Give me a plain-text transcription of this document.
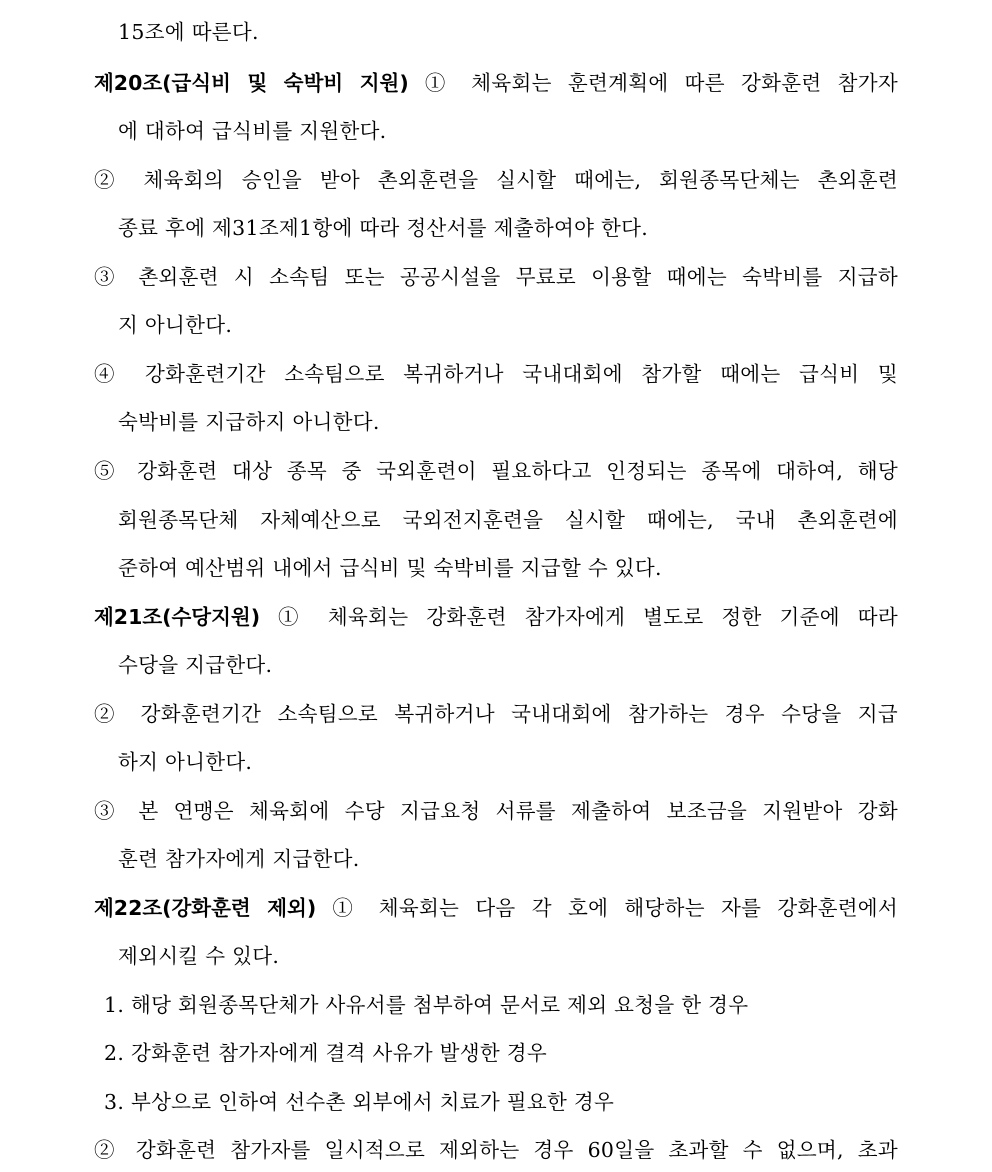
15조에 따른다.
제20조(급식비 및 숙박비 지원) ① 체육회는 훈련계획에 따른 강화훈련 참가자
에 대하여 급식비를 지원한다.
② 체육회의 승인을 받아 촌외훈련을 실시할 때에는, 회원종목단체는 촌외훈련
종료 후에 제31조제1항에 따라 정산서를 제출하여야 한다.
③ 촌외훈련 시 소속팀 또는 공공시설을 무료로 이용할 때에는 숙박비를 지급하
지 아니한다.
④ 강화훈련기간 소속팀으로 복귀하거나 국내대회에 참가할 때에는 급식비 및
숙박비를 지급하지 아니한다.
⑤ 강화훈련 대상 종목 중 국외훈련이 필요하다고 인정되는 종목에 대하여, 해당
회원종목단체 자체예산으로 국외전지훈련을 실시할 때에는, 국내 촌외훈련에
준하여 예산범위 내에서 급식비 및 숙박비를 지급할 수 있다.
제21조(수당지원) ① 체육회는 강화훈련 참가자에게 별도로 정한 기준에 따라
수당을 지급한다.
② 강화훈련기간 소속팀으로 복귀하거나 국내대회에 참가하는 경우 수당을 지급
하지 아니한다.
③ 본 연맹은 체육회에 수당 지급요청 서류를 제출하여 보조금을 지원받아 강화
훈련 참가자에게 지급한다.
제22조(강화훈련 제외) ① 체육회는 다음 각 호에 해당하는 자를 강화훈련에서
제외시킬 수 있다.
1. 해당 회원종목단체가 사유서를 첨부하여 문서로 제외 요청을 한 경우
2. 강화훈련 참가자에게 결격 사유가 발생한 경우
3. 부상으로 인하여 선수촌 외부에서 치료가 필요한 경우
② 강화훈련 참가자를 일시적으로 제외하는 경우 60일을 초과할 수 없으며, 초과
